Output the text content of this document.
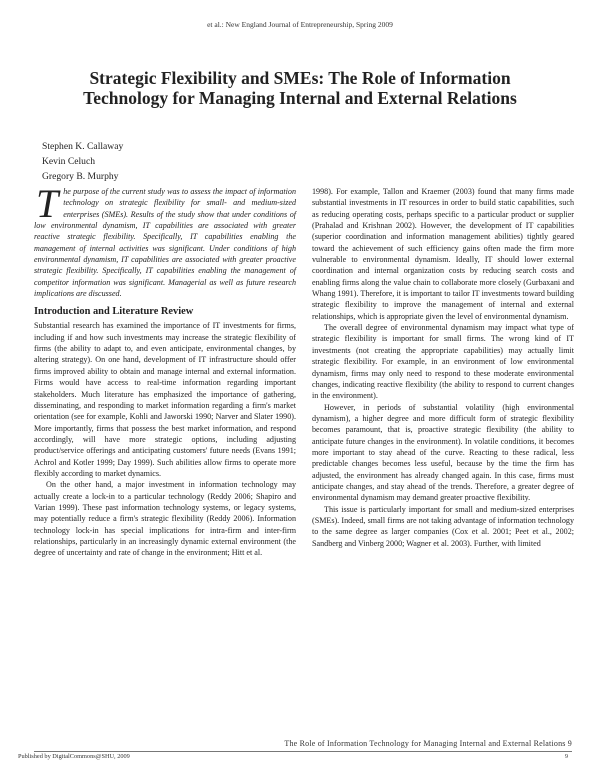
et al.: New England Journal of Entrepreneurship, Spring 2009
Strategic Flexibility and SMEs: The Role of Information
Technology for Managing Internal and External Relations
Stephen K. Callaway
Kevin Celuch
Gregory B. Murphy
The purpose of the current study was to assess the impact of information technology on strategic flexibility for small- and medium-sized enterprises (SMEs). Results of the study show that under conditions of low environmental dynamism, IT capabilities are associated with greater reactive strategic flexibility. Specifically, IT capabilities enabling the management of internal activities was significant. Under conditions of high environmental dynamism, IT capabilities are associated with greater proactive strategic flexibility. Specifically, IT capabilities enabling the management of competitor information was significant. Managerial as well as future research implications are discussed.
Introduction and Literature Review

Substantial research has examined the importance of IT investments for firms, including if and how such investments may increase the strategic flexibility of firms (the ability to adapt to, and even anticipate, environmental changes, by altering strategy). On one hand, development of IT infrastructure should offer firms improved ability to obtain and manage internal and external information. Firms would have access to real-time information regarding important stakeholders. Much literature has emphasized the importance of gathering, disseminating, and responding to market information regarding a firm's market orientation (see for example, Kohli and Jaworski 1990; Narver and Slater 1990). More importantly, firms that possess the best market information, and respond accordingly, will have more strategic options, including adjusting product/service offerings and anticipating customers' future needs (Evans 1991; Achrol and Kotler 1999; Day 1999). Such abilities allow firms to operate more flexibly according to market dynamics.

On the other hand, a major investment in information technology may actually create a lock-in to a particular technology (Reddy 2006; Shapiro and Varian 1999). These past information technology systems, or legacy systems, may potentially reduce a firm's strategic flexibility (Reddy 2006). Information technology lock-in has special implications for intra-firm and inter-firm relationships, particularly in an increasingly dynamic external environment (the degree of uncertainty and rate of change in the environment; Hitt et al.

1998). For example, Tallon and Kraemer (2003) found that many firms made substantial investments in IT resources in order to build static capabilities, such as reducing operating costs, perhaps specific to a particular product or supplier (Prahalad and Krishnan 2002). However, the development of IT capabilities (superior coordination and information management abilities) tightly geared toward the achievement of such efficiency gains often made the firm more vulnerable to environmental dynamism. Ideally, IT should lower external coordination and internal organization costs by reducing search costs and enabling firms along the value chain to collaborate more closely (Gurbaxani and Whang 1991). Therefore, it is important to tailor IT investments toward building strategic flexibility to improve the management of internal and external relationships, which is appropriate given the level of environmental dynamism.

The overall degree of environmental dynamism may impact what type of strategic flexibility is important for small firms. The wrong kind of IT investments (not creating the appropriate capabilities) may actually limit strategic flexibility. For example, in an environment of low environmental dynamism, firms may only need to respond to these moderate environmental changes, indicating reactive flexibility (the ability to respond to current changes in the environment).

However, in periods of substantial volatility (high environmental dynamism), a higher degree and more difficult form of strategic flexibility becomes paramount, that is, proactive strategic flexibility (the ability to anticipate future changes in the environment). In volatile conditions, it becomes more important to stay ahead of the curve. Reacting to these radical, less predictable changes becomes less useful, because by the time the firm has adjusted, the environment has already changed again. In this case, firms must anticipate changes, and stay ahead of the trends. Therefore, a greater degree of environmental dynamism may demand greater proactive flexibility.

This issue is particularly important for small and medium-sized enterprises (SMEs). Indeed, small firms are not taking advantage of information technology to the same degree as larger companies (Cox et al. 2001; Peet et al., 2002; Sandberg and Vinberg 2000; Wagner et al. 2003). Further, with limited

The Role of Information Technology for Managing Internal and External Relations 9
Published by DigitalCommons@SHU, 2009	9
